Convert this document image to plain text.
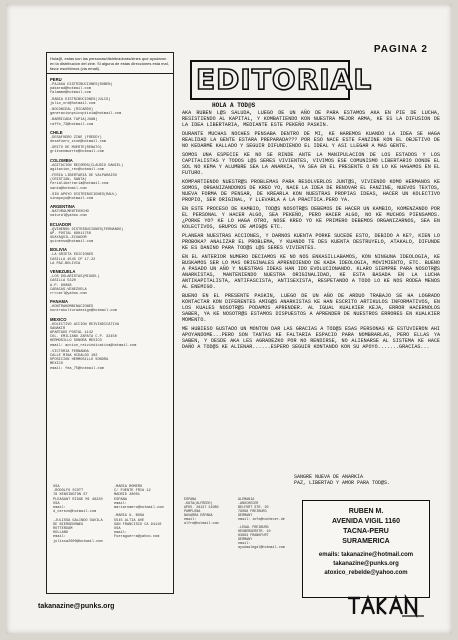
PAGINA 2
Hola@, estas son las personas/distribuidoras/zines que ayudaron en la distribucion del zine. Si alguna de estas direcciones esta mal, favor escribirnos (via email).
PERU
-PAJAXA DISTRIBUCIONES(RUBEN)
pakarad@hotmail.com
falamme@hotmail.com
-RABIA DISTRIBUCIONES(JULIO)
julio_nrd@hotmail.com
-NOCONCEAL (RICARDO)
generacionpsicoptinia@hotmail.com
-BARRICADA TAPIA(JUAN)
raffo_73@hotmail.com
CHILE
-DESAFUERO ZINE (FREDDY)
desafuero_zine@hotmail.com
-GRITO DE MUERTE(RENATO)
gritoenmuerte@hotmail.com
COLOMBIA
-AGITACION RECORDS(CLAUDIO DANIEL)
agitacion_rec@hotmail.com
-FERIA LIBERTARIA DE VALPARAISO
(CRISTIAN, SANTA)
ferialibertaria@hotmail.com
santa@hotmail.com
-SIN APOYO DISTRIBUCIONES(RAUL)
sinapoyo@hotmail.com
ARGENTINA
-NATURALMENTEOSCHO
natural@yahoo.com
ECUADOR
-QVINENSO DISTRIBUCIONES(FERNANDO)
AP. POSTAL 09011750
GUAYAQUIL-ECUADOR
qvinenso@hotmail.com
BOLIVIA
-LA GRIETA EDICIONES
CASILLA 4545 CP 17-22
LA PAZ-BOLIVIA
VENEZUELA
-LOS DOLARISTAS(MIGUEL)
CASILLA 5320
A.P. 60088
CARACAS-VENEZUELA
rrrcarl@yahoo.com
PANAMA
-KONTRAKOMBINACIONES
kontrakulturadesign@hotmail.com
MEXICO
-KOLECTIVO ACCION REIVINDICATIVA
SANAKIR
APARTADO POSTAL 1142
COL. EMILIANO ZAPATA C.P. 32450
HERMOSILLO SONORA MEXICO
email: accion_reivindicativa@hotmail.com
-VICTORIA FERNANDA
CALLE MINA HIDALGO 102
OPOSICION HERMOSILLO SONORA
MEXICO
email: fea_75@hotmail.com
USA
-RODOLFO SCOTT
78 KENSINGTON ST
PLEASANT RIDGE MI 48220
USA
email: d_cerezo@hotmail.com

-JULISSA GALINDO DAVILA
DE BIERGENSWEG
ROTTERDAM
HOLLAND
email: julissa2000@hotmail.com
-MARIA ROMERO
C/ FUENTE FRIA 12
MADRID 28001
ESPANA
email: mariaromero@hotmail.com

-MARIA G. BOSA
5545 ALTIA AVE
SAN FRANCISCO CA 94110
USA
email: Fueraguerra@yahoo.com
EDITORIAL
HOLA A TOD@S

AKA RUBEN L@S SALUDA, LUEGO DE UN AÑO DE PARA ESTAMOS AKA EN PIE DE LUCHA, RESISTIENDO AL KAPITAL, Y KOMBATIENDO KON NUESTRA MEJOR ARMA, KE ES LA DIFUSION DE LA IDEA LIBERTARIA, MEDIANTE ESTE PEKEÑO PASKIN.

DURANTE MUCHAS NOCHES PENSABA DENTRO DE MI, KE HAREMOS KUANDO LA IDEA SE HAGA REALIDAD LA GENTE ESTARA PREPARADA??? POR ESO NACE ESTE FANZINE KON EL OBJETIVO DE NO KEDARME KALLADO Y SEGUIR DIFUNDIENDO EL IDEAL Y ASI LLEGAR A MAS GENTE.

SOMOS UNA ESPECIE KE NO SE RINDE ANTE LA MANIPULACION DE LOS ESTADOS Y LOS CAPITALISTAS Y TODOS L@S SERES VIVIENTES, VIVIMOS ESE COMUNISMO LIBERTARIO DONDE EL SOL NO KEMA Y ALUMBRE SEA LA ANARKIA, YA SEA EN EL PRESENTE O EN LO KE HAGAMOS EN EL FUTURO.

KOMPARTIENDO NUESTR@S PROBLEMAS PARA RESOLVERLOS JUNT@S, VIVIENDO KOMO HERMANOS KE SOMOS, ORGANIZANDONOS DE KREO YO, NACE LA IDEA DE RENOVAR EL FANZINE, NUEVOS TEXTOS, NUEVA FORMA DE PENSAR, DE KREARLA KON NUESTRAS PROPIAS IDEAS, HACER UN KOLECTIVO PROPIO, SER ORIGINAL, Y LLEVARLA A LA PRACTICA.PERO YA.

EN ESTE PROCESO DE KAMBIO, TOD@S NOSOTR@S DEBEMOS DE HACER UN KAMBIO, KOMENZANDO POR EL PERSONAL Y HACER ALGO, SEA PEKEÑO, PERO HACER ALGO, NO KE MUCHOS PIENSAMOS. ¿PORKE YO? KE LO HAGA OTRO, NOSE KREO YO KE PRIMERO DEBEMOS ORGANIZARNOS, SEA EN KOLECTIVOS, GRUPOS DE AMIG@S ETC.

PLANEAR NUESTRAS ACCIONES, Y DARNOS KUENTA PORKE SUCEDE ESTO, DEBIDO A KE?, KIEN LO PROBOKA? ANALIZAR EL PROBLEMA, Y KUANDO TE DES KUENTA DESTRUYELO, ATAKALO, DIFUNDE KE ES DANINO PARA TOD@S L@S SERES VIVIENTES.

EN EL ANTERIOR NUMERO DECIAMOS KE NO NOS ENKASILLABAMOS, KON NINGUNA IDEOLOGIA, KE BUSKAMOS SER LO MAS ORIGINALES APRENDIENDO DE KADA IDEOLOGIA, MOVIMIENTO, ETC. BUENO A PASADO UN AÑO Y NUESTRAS IDEAS HAN IDO EVOLUCIONANDO. KLARO SIEMPRE PARA NOSOTR@S ANARKISTAS, MANTENIENDO NUESTRA ORIGINALIDAD, KE ESTA BASADA EN LA LUCHA ANTIKAPITALISTA, ANTIFASCISTA, ANTISEXISTA, RESPETANDO A TODO LO KE NOS RODEA MENOS AL ENEMIGO.

BUENO EN EL PRESENTE PASKIN, LUEGO DE UN AÑO DE ARDUO TRABAJO SE HA LOGRADO KONTACTAR KON DIFERENTES AMIG@S ANARKISTAS KE HAN ESCRITO ARTIKULOS INFORMATIVOS, EN LOS KUALES NOSOTR@S PODAMOS APRENDER. AL IGUAL KUALKIER KEJA, ERROR HACERNOLOS SABER, YA KE NOSOTR@S ESTAMOS DISPUESTOS A APRENDER DE NUESTROS ERRORES EN KUALKIER MOMENTO.

ME HUBIESO GUSTADO UN MONTON DAR LAS GRACIAS A TOD@S ESAS PERSONAS KE ESTUVIERON AHI APOYANDOME...PERO SON TANTAS KE FALTARIA ESPACIO PARA NOMBRARLAS, PERO ELLAS YA SABEN, Y DESDE AKA LES AGRADEZKO POR NO RENDIRSE, NO ALIENARSE AL SISTEMA KE HACE DAÑO A TOD@S KE ALIENAR......ESPERO SEGUIR KONTANDO KON SU APOYO.......GRACIAS...

SANGRE NUEVA DE ANARKIA
PAZ, LIBERTAD Y AMOR PARA TOD@S.
ESPANA
-KATA(ALFREDO)
APDO. 28137 31080
PAMPLONA
NAVARRA ESPANA
email: alfre@hotmail.com
ALEMANIA
-ANOCHECER
BELFORT STR. 20
79098 FREIBURG
GERMANY
email: info@nochecer.de

-LEGAL FREIBURG
HEUBERGERSTR. 10
83684 FRANKFURT
GERMANY
email: ayudaalegal@hotmail.com
RUBEN M.
AVENIDA VIGIL 1160
TACNA-PERU
SURAMERICA
emails: takanazine@hotmail.com
takanazine@punks.org
atoxico_rebelde@yahoo.com
takanazine@punks.org
